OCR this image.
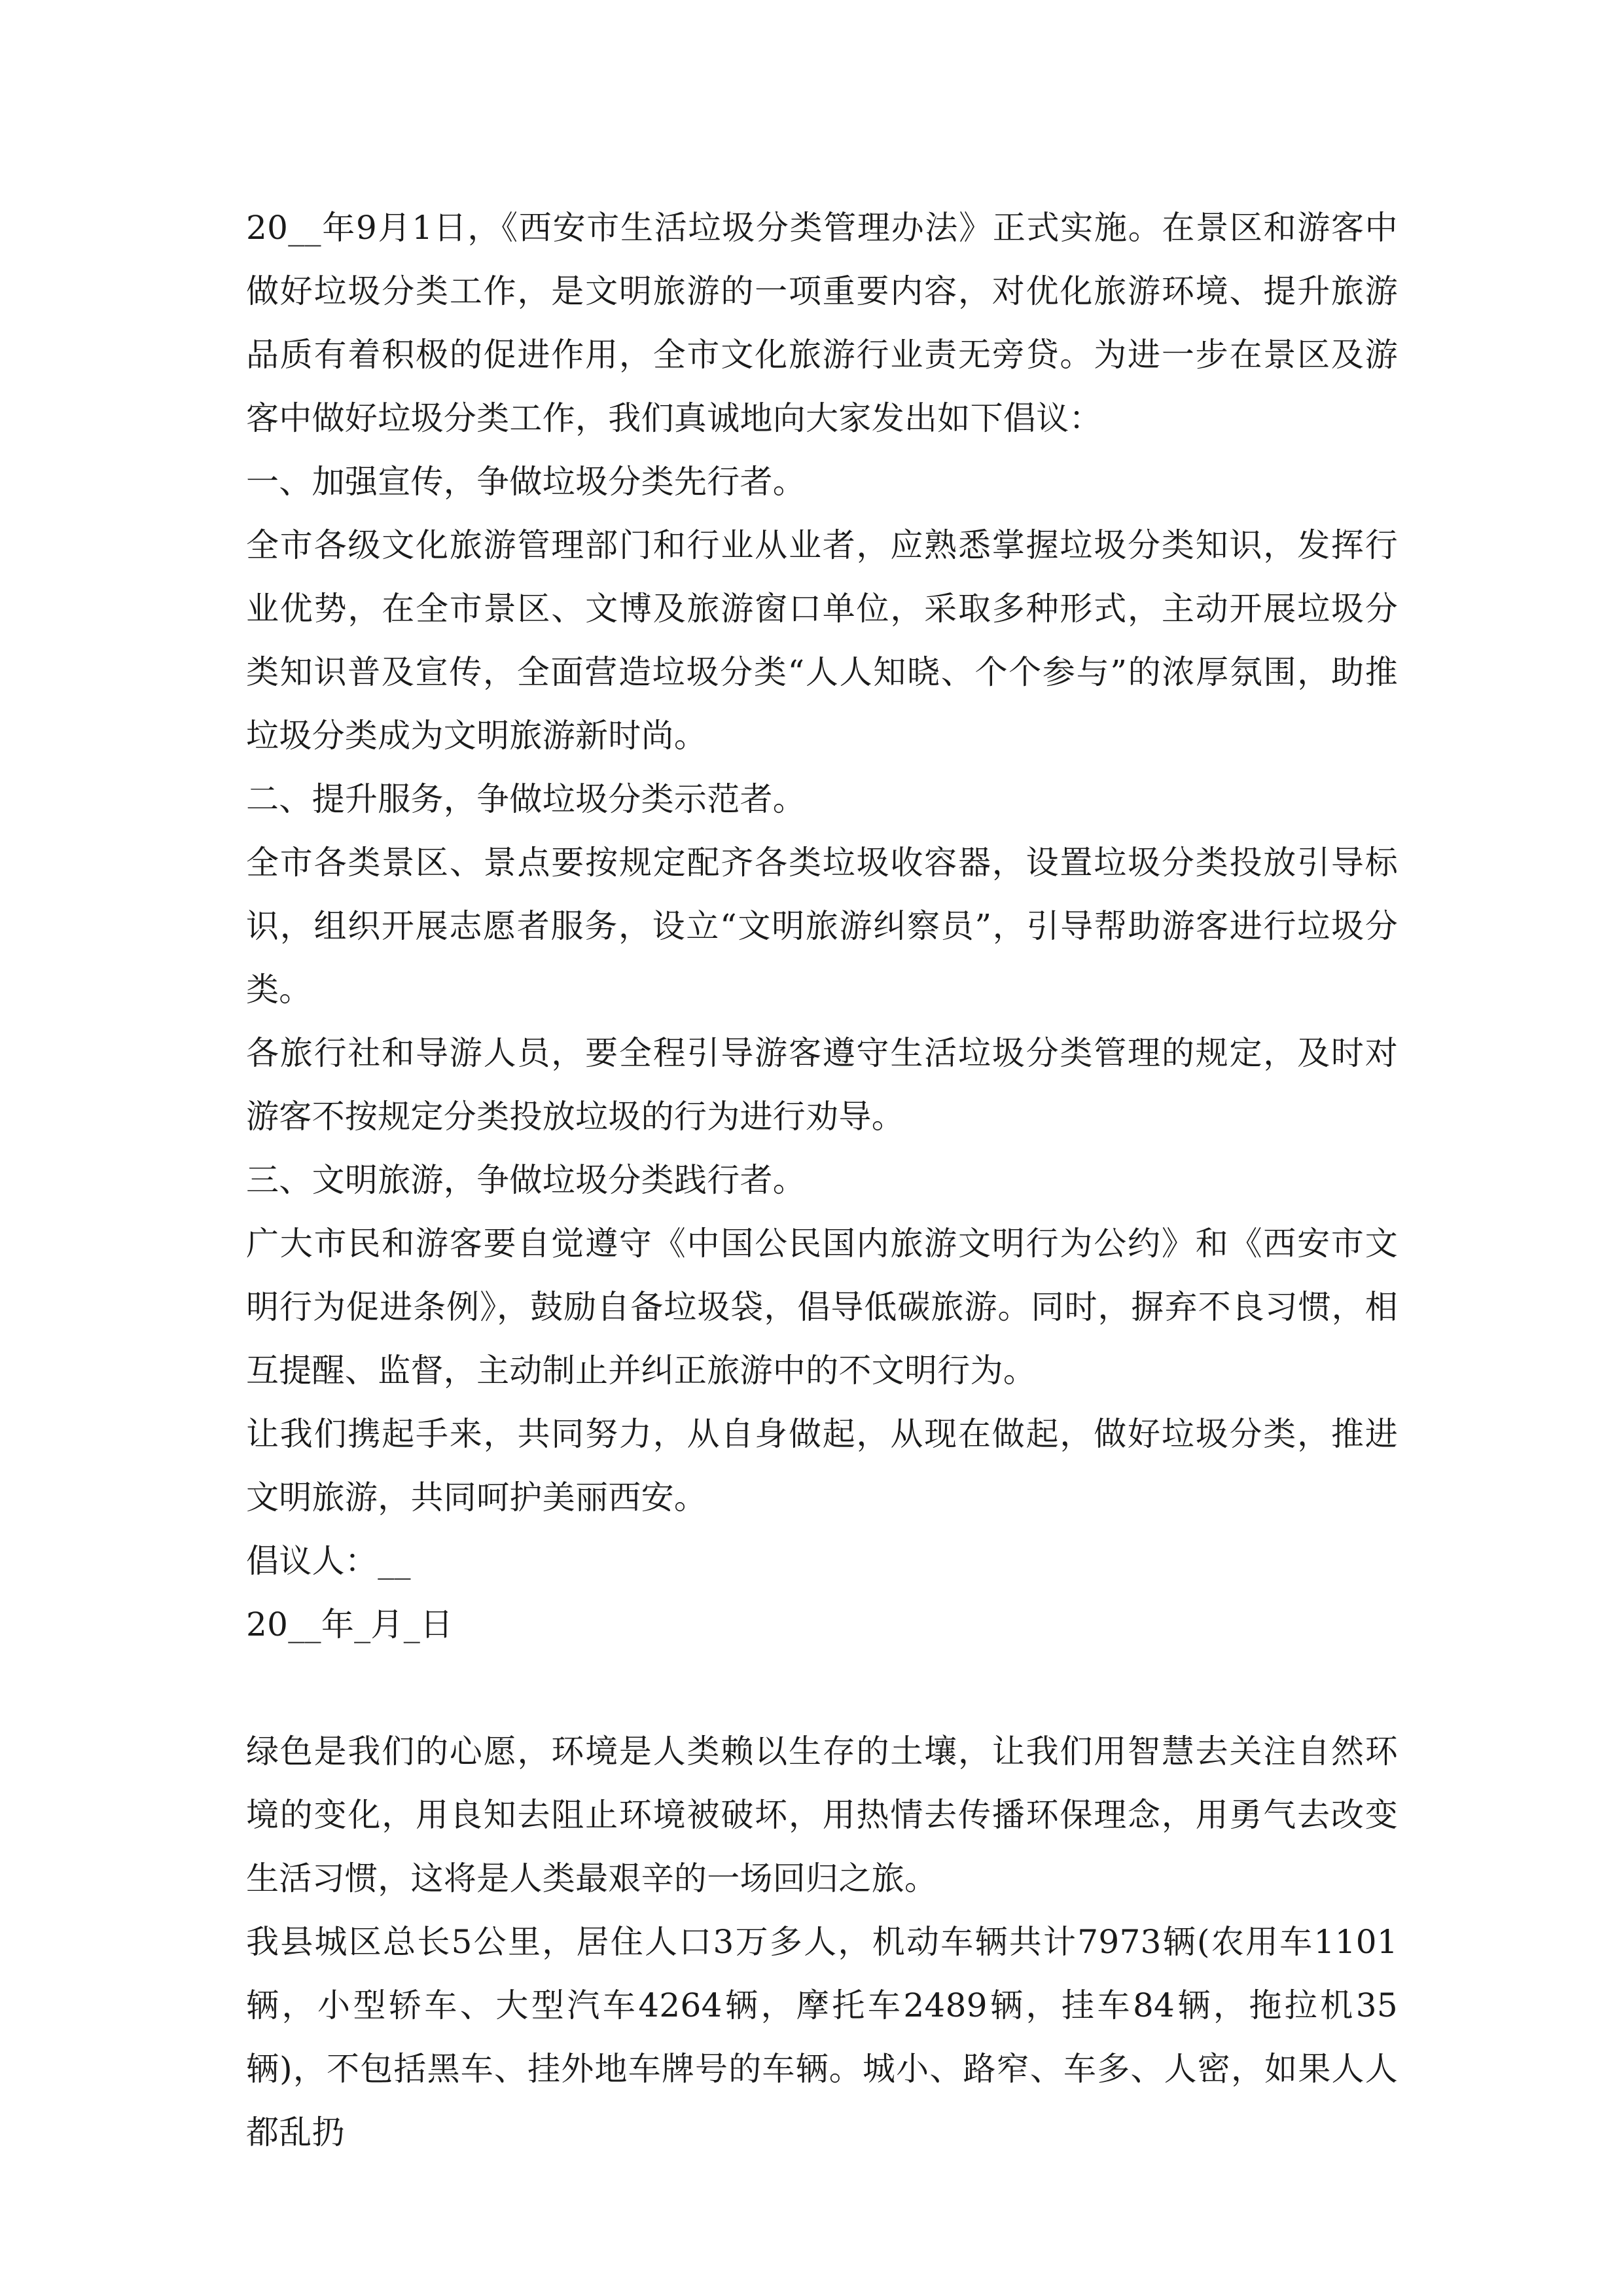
20__年9月1日，《西安市生活垃圾分类管理办法》正式实施。在景区和游客中做好垃圾分类工作，是文明旅游的一项重要内容，对优化旅游环境、提升旅游品质有着积极的促进作用，全市文化旅游行业责无旁贷。为进一步在景区及游客中做好垃圾分类工作，我们真诚地向大家发出如下倡议：

一、加强宣传，争做垃圾分类先行者。

全市各级文化旅游管理部门和行业从业者，应熟悉掌握垃圾分类知识，发挥行业优势，在全市景区、文博及旅游窗口单位，采取多种形式，主动开展垃圾分类知识普及宣传，全面营造垃圾分类“人人知晓、个个参与”的浓厚氛围，助推垃圾分类成为文明旅游新时尚。

二、提升服务，争做垃圾分类示范者。

全市各类景区、景点要按规定配齐各类垃圾收容器，设置垃圾分类投放引导标识，组织开展志愿者服务，设立“文明旅游纠察员”，引导帮助游客进行垃圾分类。

各旅行社和导游人员，要全程引导游客遵守生活垃圾分类管理的规定，及时对游客不按规定分类投放垃圾的行为进行劝导。

三、文明旅游，争做垃圾分类践行者。

广大市民和游客要自觉遵守《中国公民国内旅游文明行为公约》和《西安市文明行为促进条例》，鼓励自备垃圾袋，倡导低碳旅游。同时，摒弃不良习惯，相互提醒、监督，主动制止并纠正旅游中的不文明行为。

让我们携起手来，共同努力，从自身做起，从现在做起，做好垃圾分类，推进文明旅游，共同呵护美丽西安。

倡议人：__

20__年_月_日

绿色是我们的心愿，环境是人类赖以生存的土壤，让我们用智慧去关注自然环境的变化，用良知去阻止环境被破坏，用热情去传播环保理念，用勇气去改变生活习惯，这将是人类最艰辛的一场回归之旅。

我县城区总长5公里，居住人口3万多人，机动车辆共计7973辆(农用车1101辆，小型轿车、大型汽车4264辆，摩托车2489辆，挂车84辆，拖拉机35辆)，不包括黑车、挂外地车牌号的车辆。城小、路窄、车多、人密，如果人人都乱扔
